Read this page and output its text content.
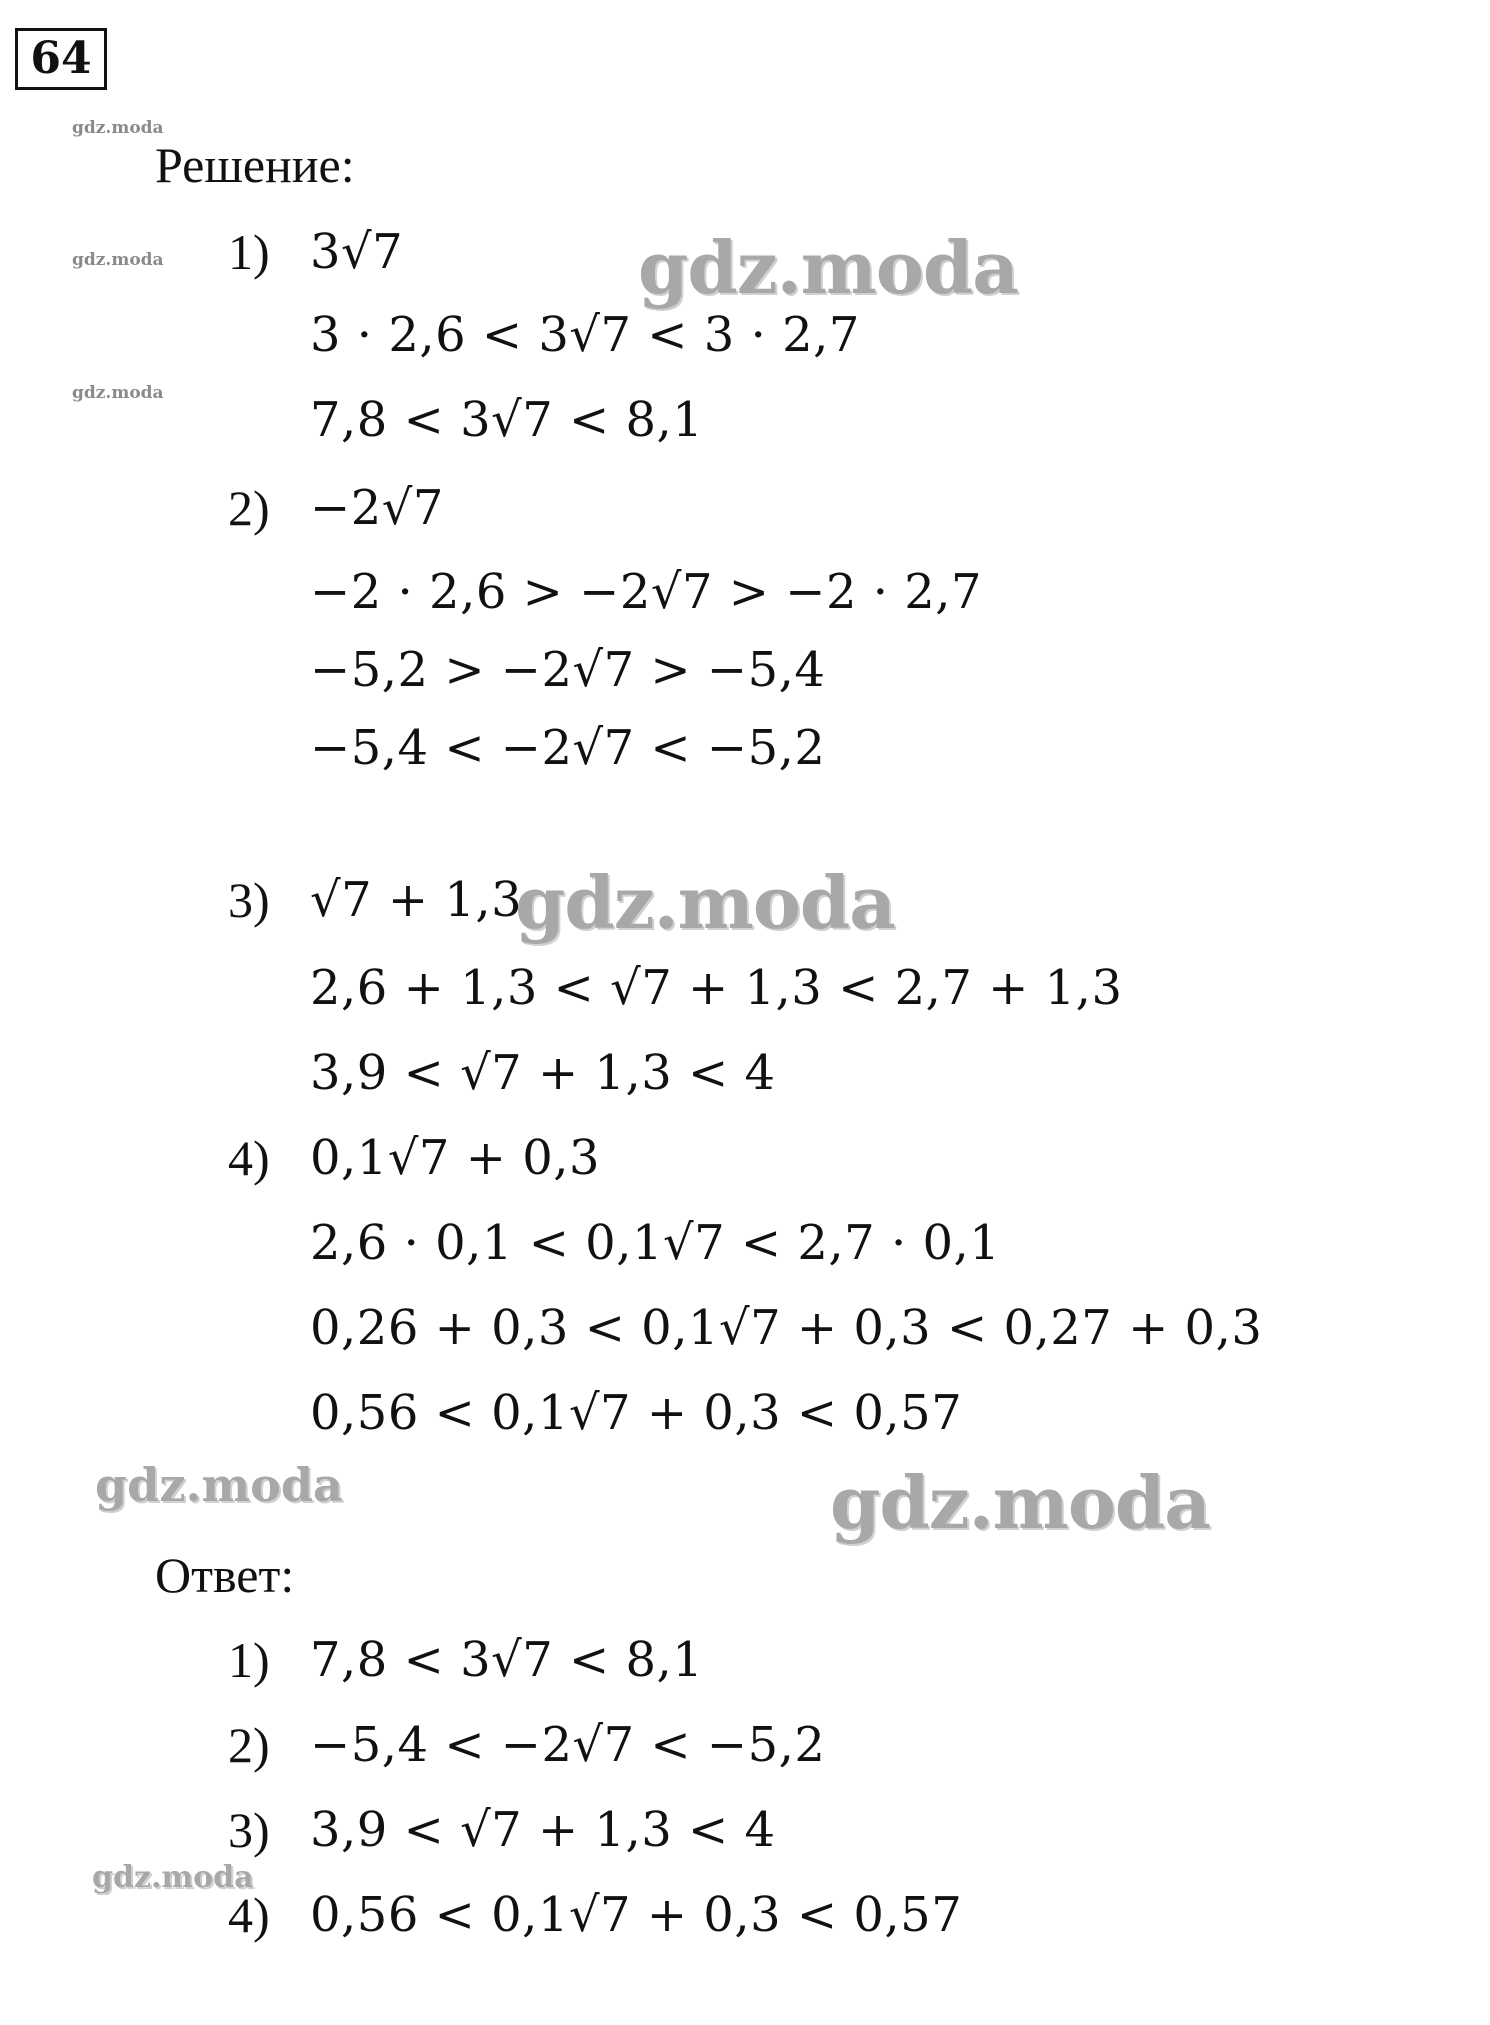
64
gdz.moda
gdz.moda
gdz.moda
Решение:
1) 3√7
3 · 2,6 < 3√7 < 3 · 2,7
7,8 < 3√7 < 8,1
2) −2√7
−2 · 2,6 > −2√7 > −2 · 2,7
−5,2 > −2√7 > −5,4
−5,4 < −2√7 < −5,2
3) √7 + 1,3
2,6 + 1,3 < √7 + 1,3 < 2,7 + 1,3
3,9 < √7 + 1,3 < 4
4) 0,1√7 + 0,3
2,6 · 0,1 < 0,1√7 < 2,7 · 0,1
0,26 + 0,3 < 0,1√7 + 0,3 < 0,27 + 0,3
0,56 < 0,1√7 + 0,3 < 0,57
Ответ:
1) 7,8 < 3√7 < 8,1
2) −5,4 < −2√7 < −5,2
3) 3,9 < √7 + 1,3 < 4
4) 0,56 < 0,1√7 + 0,3 < 0,57
gdz.moda
gdz.moda
gdz.moda	gdz.moda
gdz.moda
